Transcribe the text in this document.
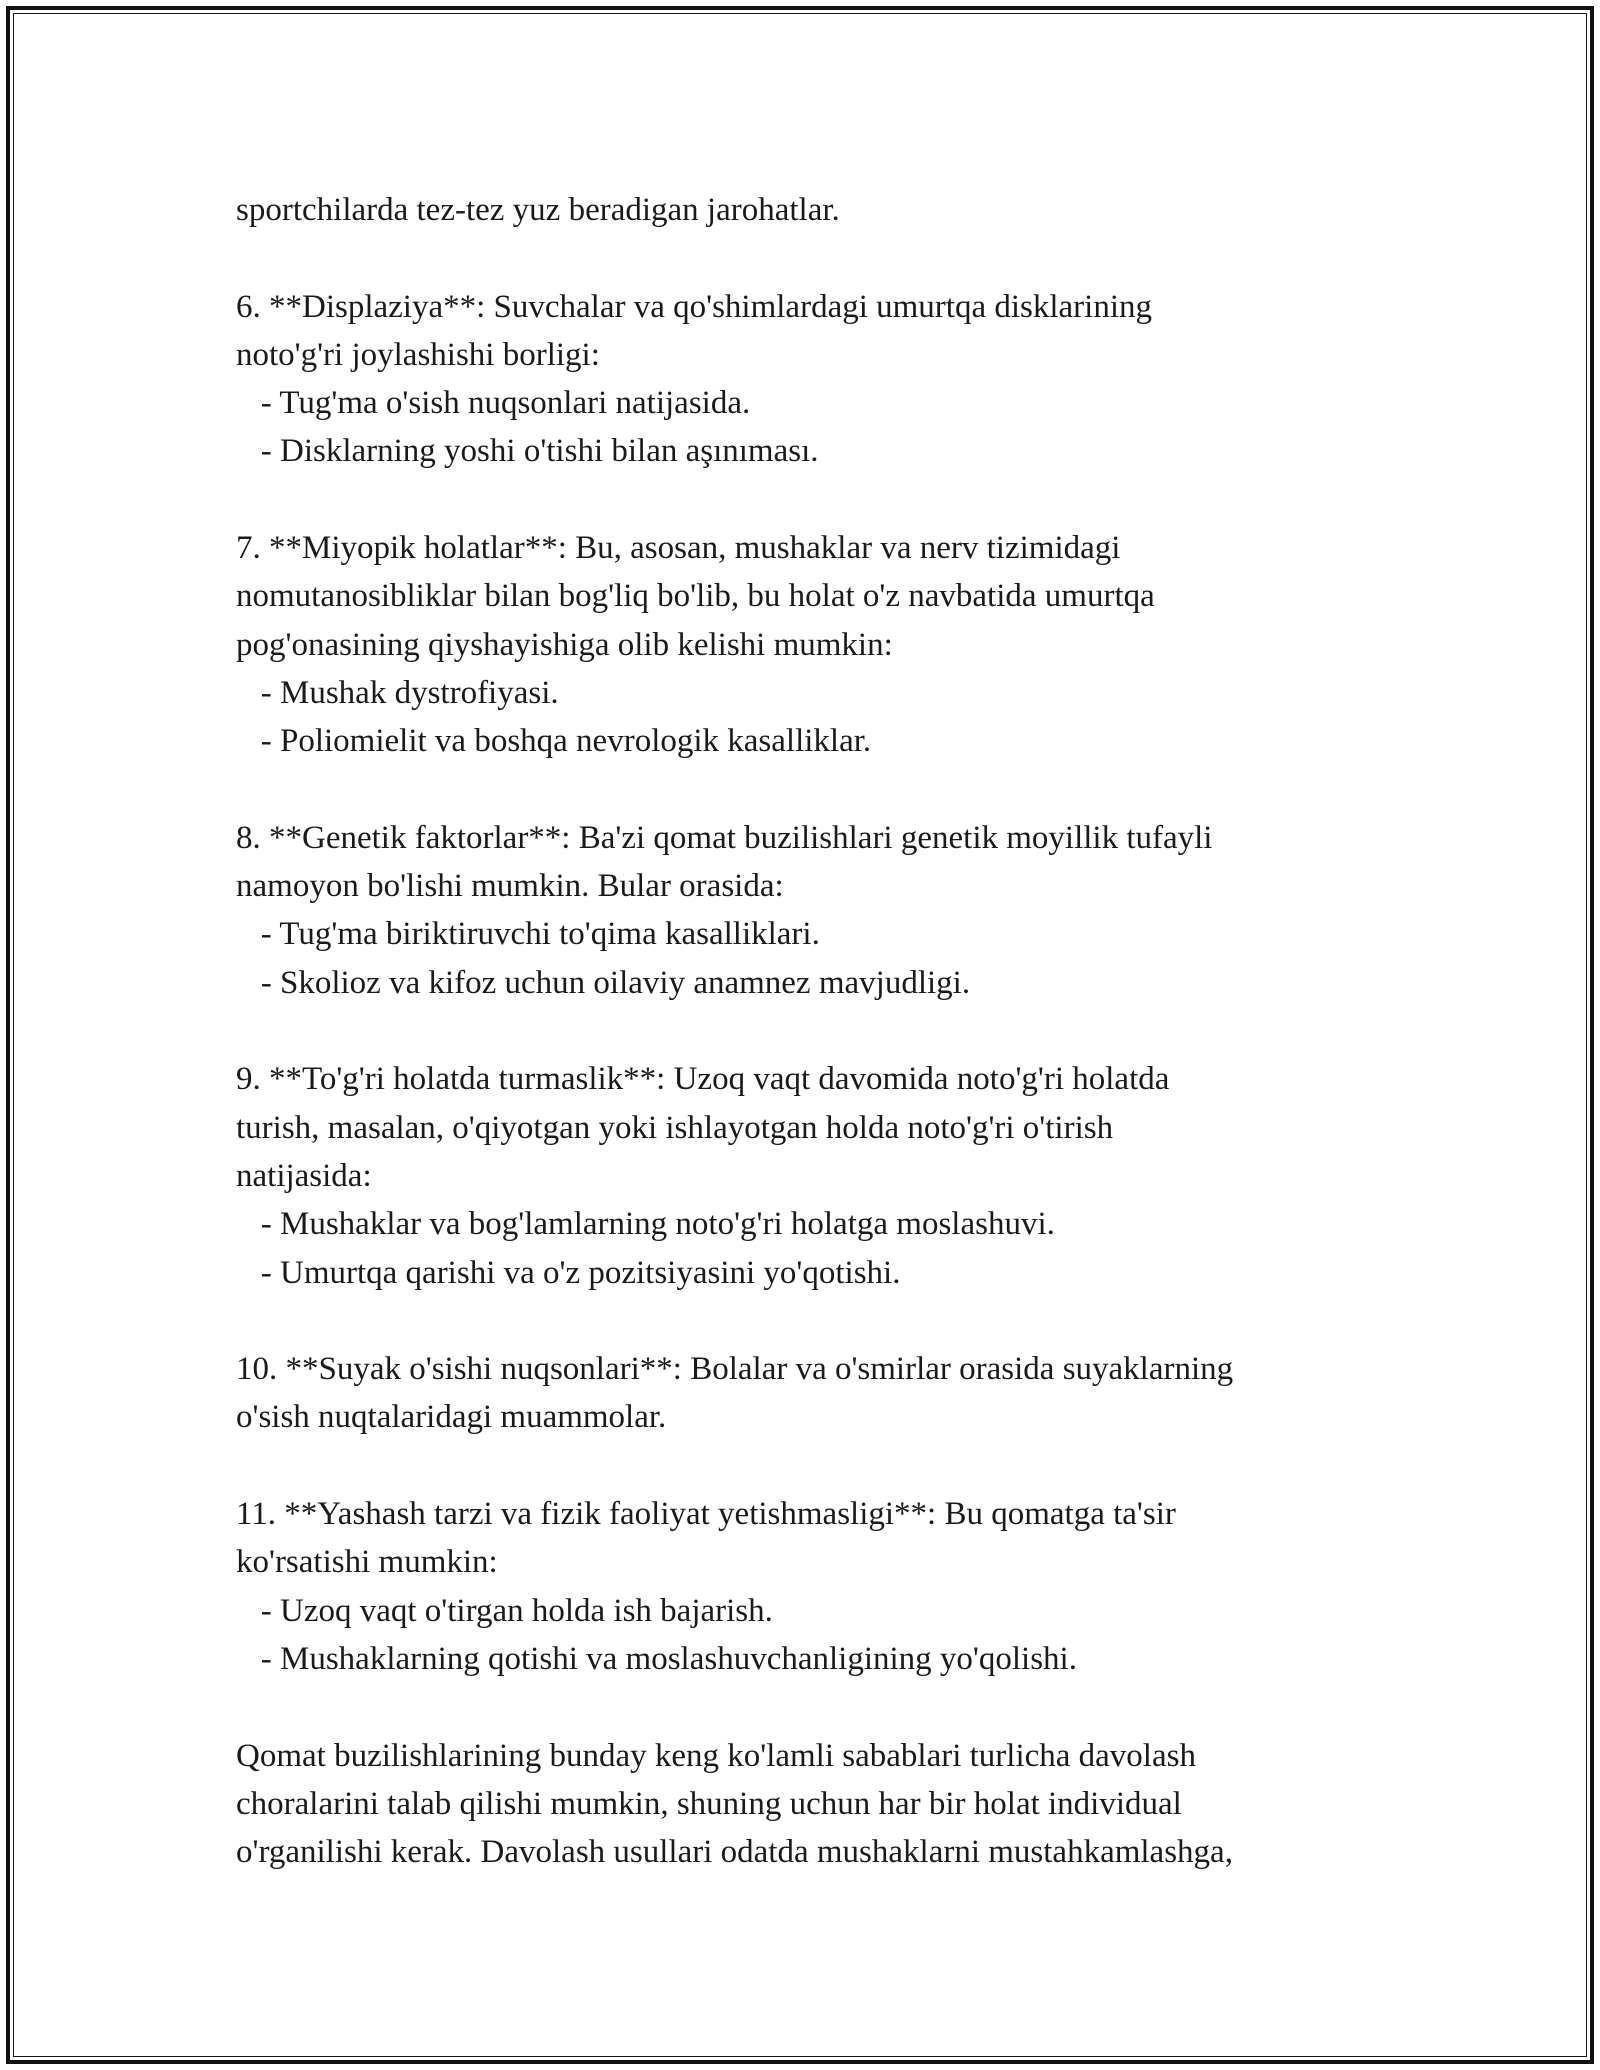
sportchilarda tez-tez yuz beradigan jarohatlar.

6. **Displaziya**: Suvchalar va qo'shimlardagi umurtqa disklarining

noto'g'ri joylashishi borligi:

- Tug'ma o'sish nuqsonlari natijasida.

- Disklarning yoshi o'tishi bilan aşınıması.

7. **Miyopik holatlar**: Bu, asosan, mushaklar va nerv tizimidagi

nomutanosibliklar bilan bog'liq bo'lib, bu holat o'z navbatida umurtqa

pog'onasining qiyshayishiga olib kelishi mumkin:

- Mushak dystrofiyasi.

- Poliomielit va boshqa nevrologik kasalliklar.

8. **Genetik faktorlar**: Ba'zi qomat buzilishlari genetik moyillik tufayli

namoyon bo'lishi mumkin. Bular orasida:

- Tug'ma biriktiruvchi to'qima kasalliklari.

- Skolioz va kifoz uchun oilaviy anamnez mavjudligi.

9. **To'g'ri holatda turmaslik**: Uzoq vaqt davomida noto'g'ri holatda

turish, masalan, o'qiyotgan yoki ishlayotgan holda noto'g'ri o'tirish

natijasida:

- Mushaklar va bog'lamlarning noto'g'ri holatga moslashuvi.

- Umurtqa qarishi va o'z pozitsiyasini yo'qotishi.

10. **Suyak o'sishi nuqsonlari**: Bolalar va o'smirlar orasida suyaklarning

o'sish nuqtalaridagi muammolar.

11. **Yashash tarzi va fizik faoliyat yetishmasligi**: Bu qomatga ta'sir

ko'rsatishi mumkin:

- Uzoq vaqt o'tirgan holda ish bajarish.

- Mushaklarning qotishi va moslashuvchanligining yo'qolishi.

Qomat buzilishlarining bunday keng ko'lamli sabablari turlicha davolash

choralarini talab qilishi mumkin, shuning uchun har bir holat individual

o'rganilishi kerak. Davolash usullari odatda mushaklarni mustahkamlashga,
